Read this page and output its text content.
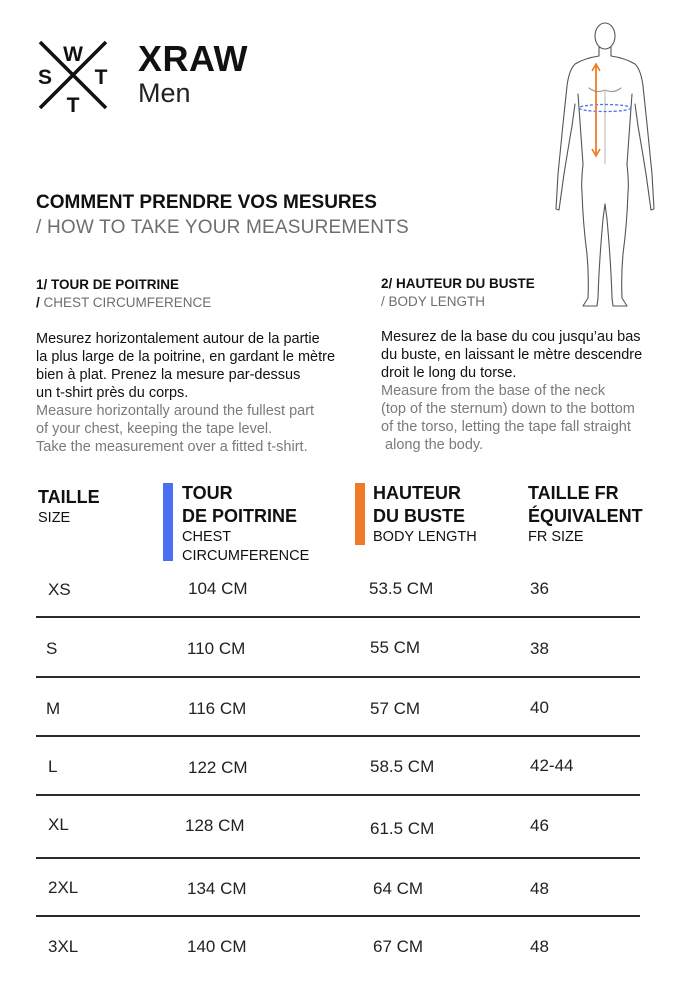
W
S T
T
XRAW
Men
COMMENT PRENDRE VOS MESURES
/ HOW TO TAKE YOUR MEASUREMENTS
1/ TOUR DE POITRINE
/ CHEST CIRCUMFERENCE
Mesurez horizontalement autour de la partie
la plus large de la poitrine, en gardant le mètre
bien à plat. Prenez la mesure par-dessus
un t-shirt près du corps.
Measure horizontally around the fullest part
of your chest, keeping the tape level.
Take the measurement over a fitted t-shirt.
2/ HAUTEUR DU BUSTE
/ BODY LENGTH
Mesurez de la base du cou jusqu’au bas
du buste, en laissant le mètre descendre
droit le long du torse.
Measure from the base of the neck
(top of the sternum) down to the bottom
of the torso, letting the tape fall straight
along the body.
TAILLE
SIZE
TOUR
DE POITRINE
CHEST
CIRCUMFERENCE
HAUTEUR
DU BUSTE
BODY LENGTH
TAILLE FR
ÉQUIVALENT
FR SIZE
XS	104 CM	53.5 CM	36
S	110 CM	55 CM	38
M	116 CM	57 CM	40
L	122 CM	58.5 CM	42-44
XL	128 CM	61.5 CM	46
2XL	134 CM	64 CM	48
3XL	140 CM	67 CM	48
